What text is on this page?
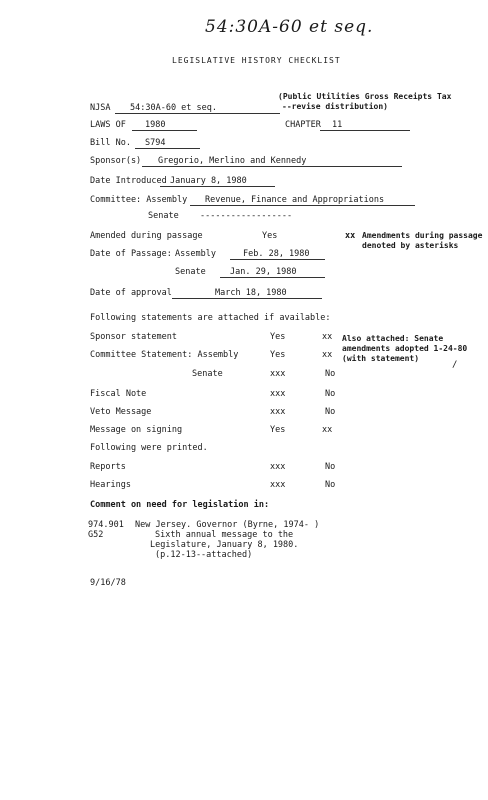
54:30A-60 et seq.
LEGISLATIVE HISTORY CHECKLIST
NJSA 54:30A-60 et seq.
(Public Utilities Gross Receipts Tax
--revise distribution)
LAWS OF 1980	CHAPTER 11
Bill No. S794
Sponsor(s) Gregorio, Merlino and Kennedy
Date Introduced January 8, 1980
Committee: Assembly Revenue, Finance and Appropriations
Senate	------------------
Amended during passage	Yes	xx Amendments during passage
denoted by asterisks
Date of Passage: Assembly	Feb. 28, 1980
Senate	Jan. 29, 1980
Date of approval	March 18, 1980
Following statements are attached if available:
Sponsor statement	Yes	xx
Committee Statement: Assembly	Yes	xx
Senate	xxx	No
Fiscal Note	xxx	No
Veto Message	xxx	No
Message on signing	Yes	xx
Also attached: Senate
amendments adopted 1-24-80
(with statement)
/
Following were printed.
Reports	xxx	No
Hearings	xxx	No
Comment on need for legislation in:
974.901
G52
New Jersey. Governor (Byrne, 1974- )
Sixth annual message to the
Legislature, January 8, 1980.
(p.12-13--attached)
9/16/78
